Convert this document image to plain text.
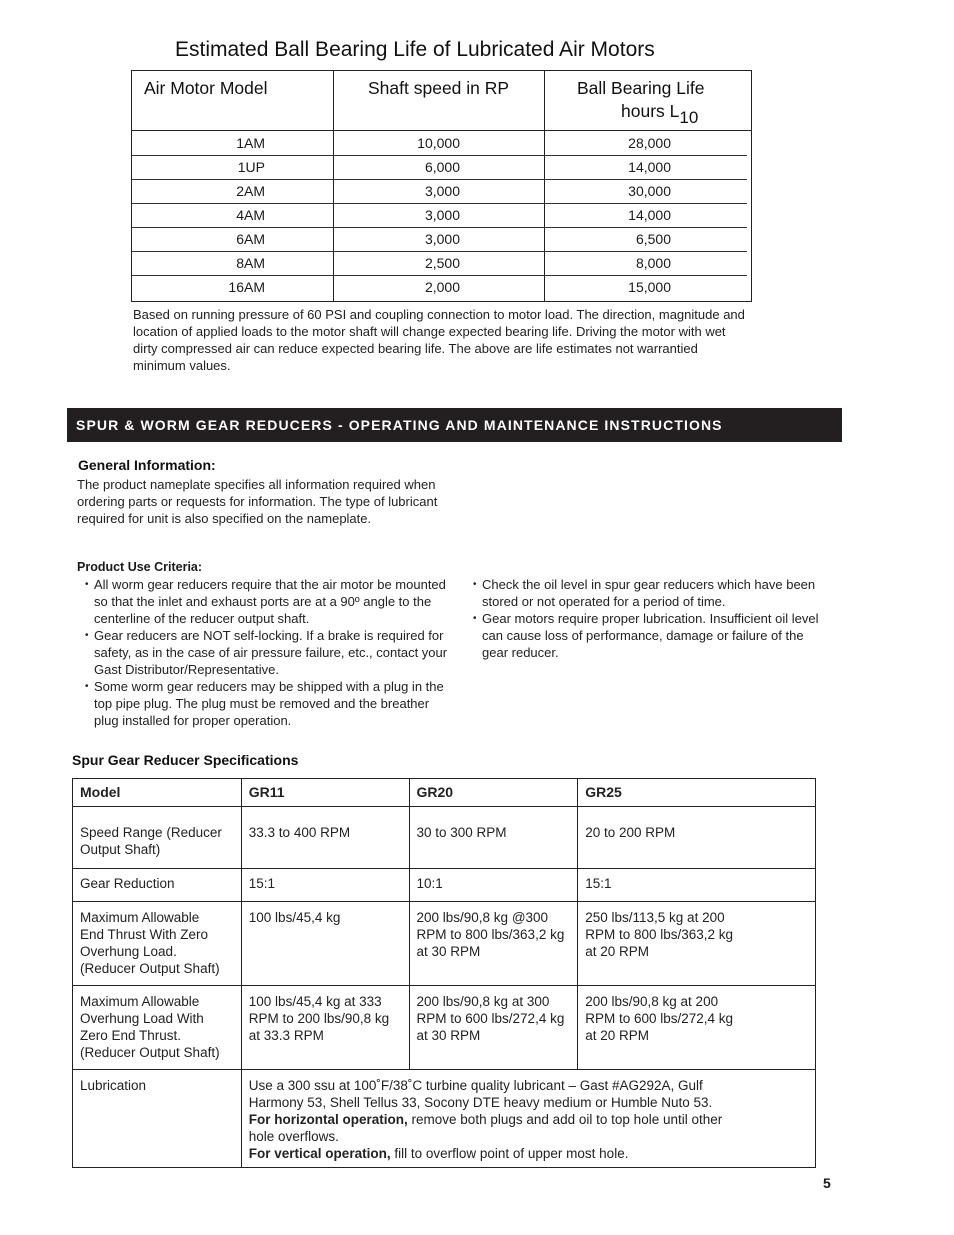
Estimated Ball Bearing Life of Lubricated Air Motors
Air Motor Model	Shaft speed in RP	Ball Bearing Life
hours $L_{10}$
1AM	10,000	28,000
1UP	6,000	14,000
2AM	3,000	30,000
4AM	3,000	14,000
6AM	3,000	6,500
8AM	2,500	8,000
16AM	2,000	15,000
Based on running pressure of 60 PSI and coupling connection to motor load. The direction, magnitude and location of applied loads to the motor shaft will change expected bearing life. Driving the motor with wet dirty compressed air can reduce expected bearing life. The above are life estimates not warrantied minimum values.
SPUR & WORM GEAR REDUCERS - OPERATING AND MAINTENANCE INSTRUCTIONS
General Information:
The product nameplate specifies all information required when ordering parts or requests for information. The type of lubricant required for unit is also specified on the nameplate.
Product Use Criteria:
• All worm gear reducers require that the air motor be mounted so that the inlet and exhaust ports are at a 90º angle to the centerline of the reducer output shaft.
• Gear reducers are NOT self-locking. If a brake is required for safety, as in the case of air pressure failure, etc., contact your Gast Distributor/Representative.
• Some worm gear reducers may be shipped with a plug in the top pipe plug. The plug must be removed and the breather plug installed for proper operation.
• Check the oil level in spur gear reducers which have been stored or not operated for a period of time.
• Gear motors require proper lubrication. Insufficient oil level can cause loss of performance, damage or failure of the gear reducer.
Spur Gear Reducer Specifications
Model	GR11	GR20	GR25
Speed Range (Reducer Output Shaft)	33.3 to 400 RPM	30 to 300 RPM	20 to 200 RPM
Gear Reduction	15:1	10:1	15:1
Maximum Allowable End Thrust With Zero Overhung Load. (Reducer Output Shaft)	100 lbs/45,4 kg	200 lbs/90,8 kg @300 RPM to 800 lbs/363,2 kg at 30 RPM	250 lbs/113,5 kg at 200 RPM to 800 lbs/363,2 kg at 20 RPM
Maximum Allowable Overhung Load With Zero End Thrust. (Reducer Output Shaft)	100 lbs/45,4 kg at 333 RPM to 200 lbs/90,8 kg at 33.3 RPM	200 lbs/90,8 kg at 300 RPM to 600 lbs/272,4 kg at 30 RPM	200 lbs/90,8 kg at 200 RPM to 600 lbs/272,4 kg at 20 RPM
Lubrication	Use a 300 ssu at 100˚F/38˚C turbine quality lubricant – Gast #AG292A, Gulf Harmony 53, Shell Tellus 33, Socony DTE heavy medium or Humble Nuto 53.
For horizontal operation, remove both plugs and add oil to top hole until other hole overflows.
For vertical operation, fill to overflow point of upper most hole.		
5
